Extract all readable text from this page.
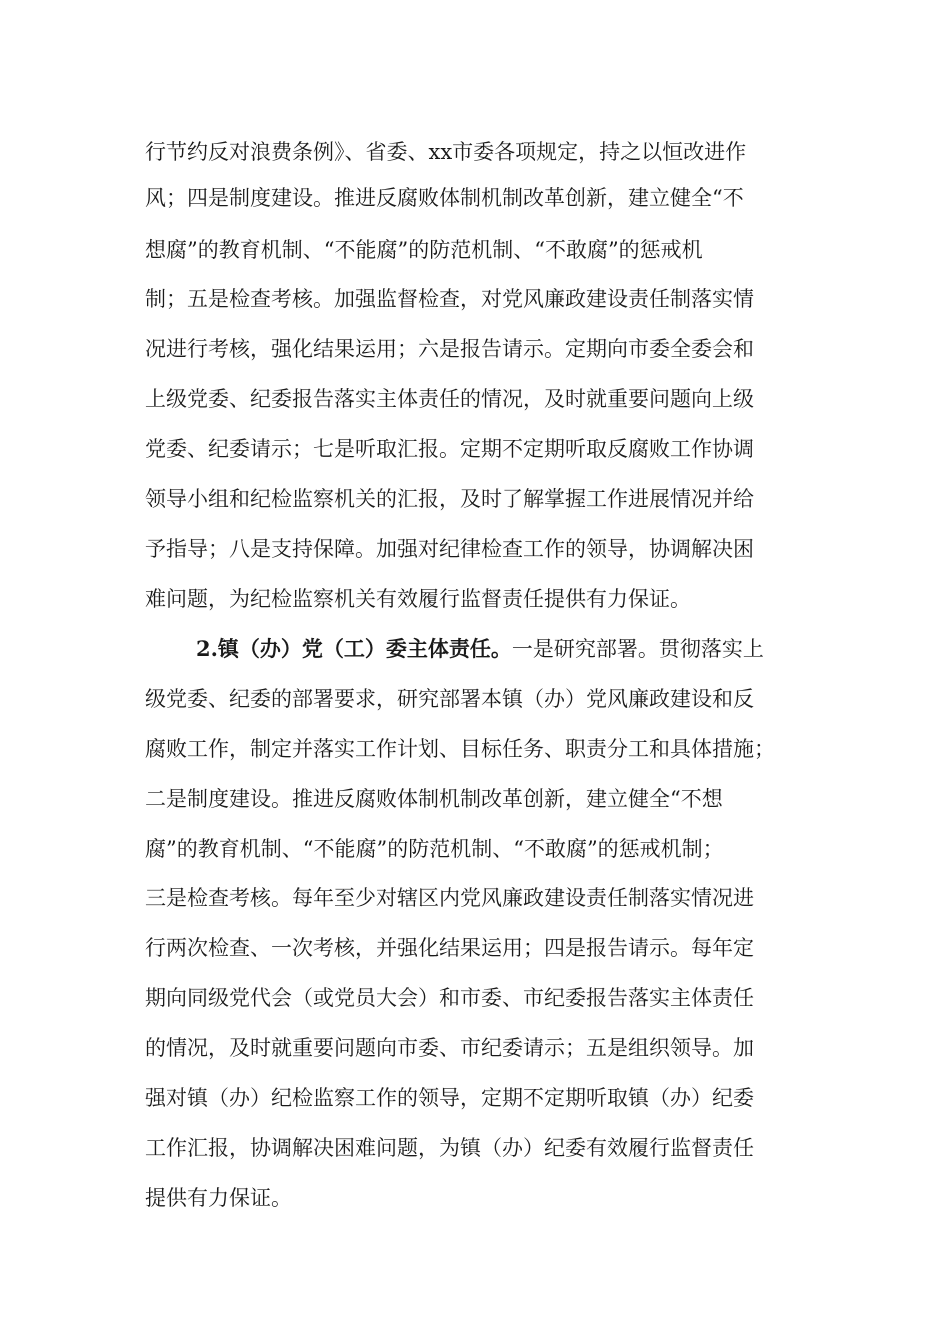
行节约反对浪费条例》、省委、xx市委各项规定，持之以恒改进作
风；四是制度建设。推进反腐败体制机制改革创新，建立健全“不
想腐”的教育机制、“不能腐”的防范机制、“不敢腐”的惩戒机
制；五是检查考核。加强监督检查，对党风廉政建设责任制落实情
况进行考核，强化结果运用；六是报告请示。定期向市委全委会和
上级党委、纪委报告落实主体责任的情况，及时就重要问题向上级
党委、纪委请示；七是听取汇报。定期不定期听取反腐败工作协调
领导小组和纪检监察机关的汇报，及时了解掌握工作进展情况并给
予指导；八是支持保障。加强对纪律检查工作的领导，协调解决困
难问题，为纪检监察机关有效履行监督责任提供有力保证。
2.镇（办）党（工）委主体责任。一是研究部署。贯彻落实上
级党委、纪委的部署要求，研究部署本镇（办）党风廉政建设和反
腐败工作，制定并落实工作计划、目标任务、职责分工和具体措施；
二是制度建设。推进反腐败体制机制改革创新，建立健全“不想
腐”的教育机制、“不能腐”的防范机制、“不敢腐”的惩戒机制；
三是检查考核。每年至少对辖区内党风廉政建设责任制落实情况进
行两次检查、一次考核，并强化结果运用；四是报告请示。每年定
期向同级党代会（或党员大会）和市委、市纪委报告落实主体责任
的情况，及时就重要问题向市委、市纪委请示；五是组织领导。加
强对镇（办）纪检监察工作的领导，定期不定期听取镇（办）纪委
工作汇报，协调解决困难问题，为镇（办）纪委有效履行监督责任
提供有力保证。
